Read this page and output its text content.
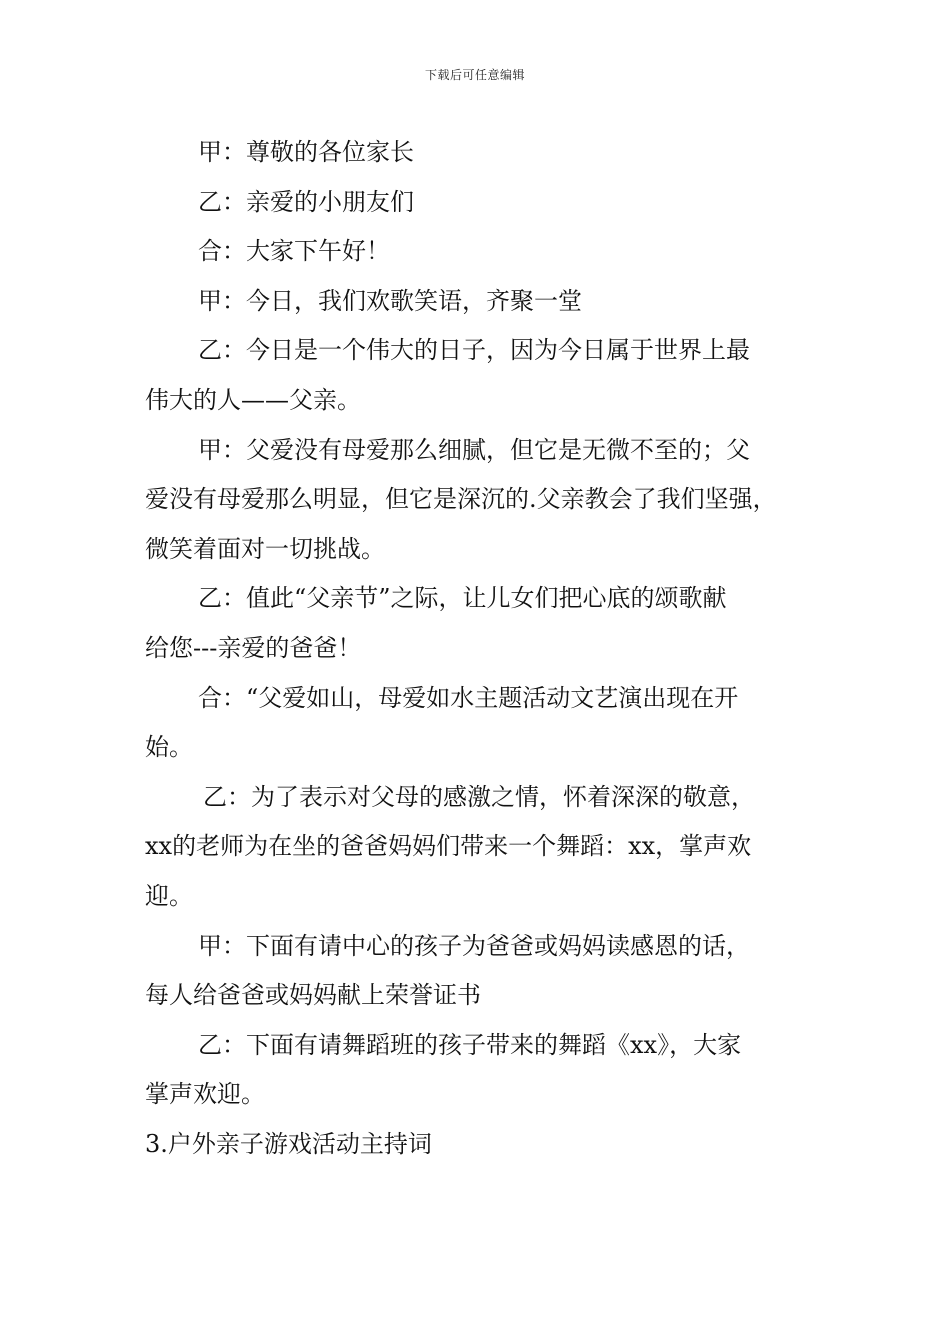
下载后可任意编辑

甲：尊敬的各位家长

乙：亲爱的小朋友们

合：大家下午好！

甲：今日，我们欢歌笑语，齐聚一堂

乙：今日是一个伟大的日子，因为今日属于世界上最
伟大的人——父亲。

甲：父爱没有母爱那么细腻，但它是无微不至的；父
爱没有母爱那么明显，但它是深沉的.父亲教会了我们坚强，
微笑着面对一切挑战。

乙：值此“父亲节”之际，让儿女们把心底的颂歌献
给您---亲爱的爸爸！

合：“父爱如山，母爱如水主题活动文艺演出现在开
始。

乙：为了表示对父母的感激之情，怀着深深的敬意，
xx的老师为在坐的爸爸妈妈们带来一个舞蹈：xx，掌声欢
迎。

甲：下面有请中心的孩子为爸爸或妈妈读感恩的话，
每人给爸爸或妈妈献上荣誉证书

乙：下面有请舞蹈班的孩子带来的舞蹈《xx》，大家
掌声欢迎。

3.户外亲子游戏活动主持词
